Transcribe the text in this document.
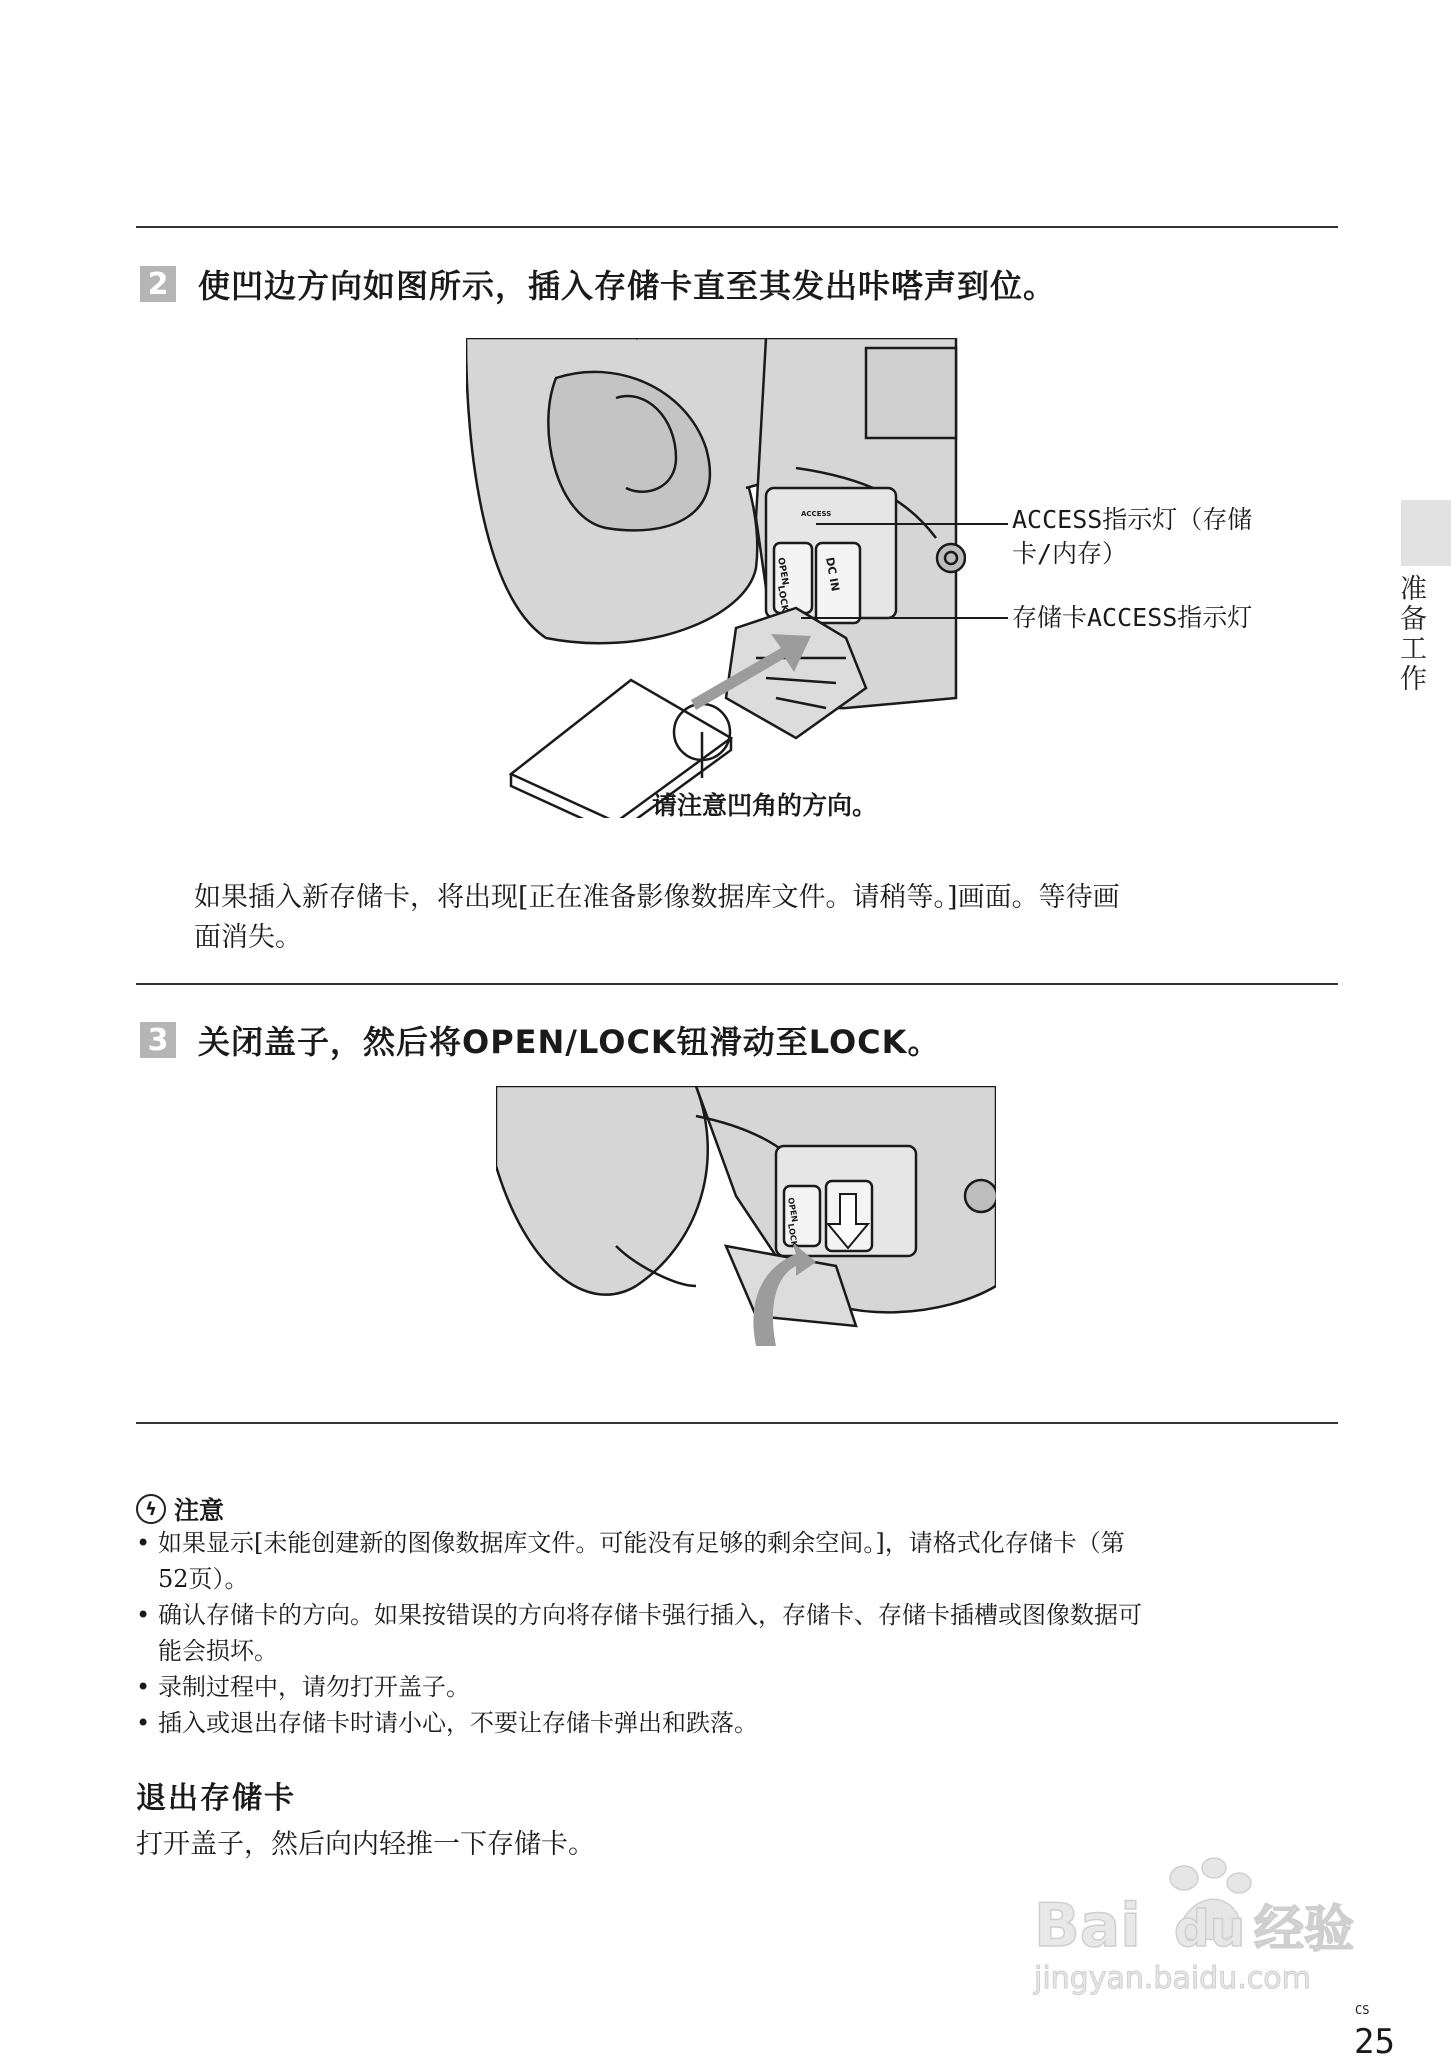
2 使凹边方向如图所示，插入存储卡直至其发出咔嗒声到位。
OPEN
LOCK
DC IN
ACCESS	ACCESS指示灯（存储
卡/内存）
存储卡ACCESS指示灯
请注意凹角的方向。
如果插入新存储卡，将出现[正在准备影像数据库文件。请稍等。]画面。等待画
面消失。
3 关闭盖子，然后将OPEN/LOCK钮滑动至LOCK。
OPEN
LOCK
准备工作
ϟ 注意
• 如果显示[未能创建新的图像数据库文件。可能没有足够的剩余空间。]，请格式化存储卡（第
52页）。
• 确认存储卡的方向。如果按错误的方向将存储卡强行插入，存储卡、存储卡插槽或图像数据可
能会损坏。
• 录制过程中，请勿打开盖子。
• 插入或退出存储卡时请小心，不要让存储卡弹出和跌落。
退出存储卡
打开盖子，然后向内轻推一下存储卡。
Bai du 经验
jingyan.baidu.com
CS
25
